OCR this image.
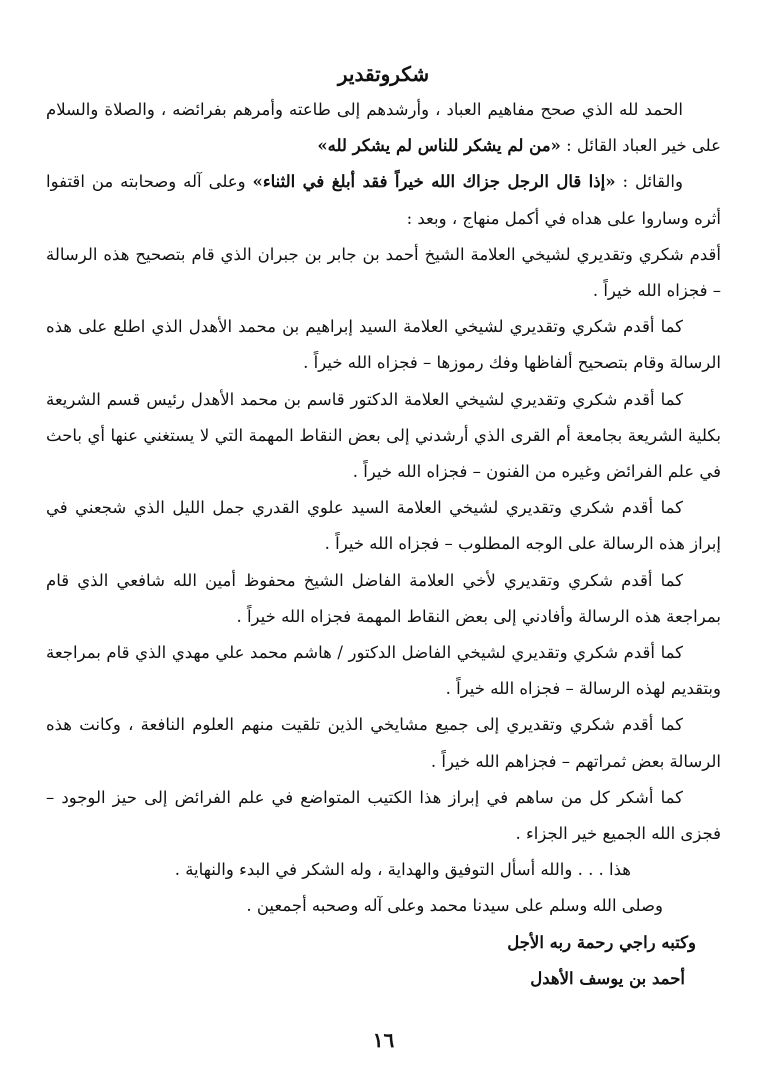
شكروتقدير

الحمد لله الذي صحح مفاهيم العباد ، وأرشدهم إلى طاعته وأمرهم بفرائضه ، والصلاة والسلام على خير العباد القائل : «من لم يشكر للناس لم يشكر لله»

والقائل : «إذا قال الرجل جزاك الله خيراً فقد أبلغ في الثناء» وعلى آله وصحابته من اقتفوا أثره وساروا على هداه في أكمل منهاج ، وبعد :

أقدم شكري وتقديري لشيخي العلامة الشيخ أحمد بن جابر بن جبران الذي قام بتصحيح هذه الرسالة – فجزاه الله خيراً .

كما أقدم شكري وتقديري لشيخي العلامة السيد إبراهيم بن محمد الأهدل الذي اطلع على هذه الرسالة وقام بتصحيح ألفاظها وفك رموزها – فجزاه الله خيراً .

كما أقدم شكري وتقديري لشيخي العلامة الدكتور قاسم بن محمد الأهدل رئيس قسم الشريعة بكلية الشريعة بجامعة أم القرى الذي أرشدني إلى بعض النقاط المهمة التي لا يستغني عنها أي باحث في علم الفرائض وغيره من الفنون – فجزاه الله خيراً .

كما أقدم شكري وتقديري لشيخي العلامة السيد علوي القدري جمل الليل الذي شجعني في إبراز هذه الرسالة على الوجه المطلوب – فجزاه الله خيراً .

كما أقدم شكري وتقديري لأخي العلامة الفاضل الشيخ محفوظ أمين الله شافعي الذي قام بمراجعة هذه الرسالة وأفادني إلى بعض النقاط المهمة فجزاه الله خيراً .

كما أقدم شكري وتقديري لشيخي الفاضل الدكتور / هاشم محمد علي مهدي الذي قام بمراجعة وبتقديم لهذه الرسالة – فجزاه الله خيراً .

كما أقدم شكري وتقديري إلى جميع مشايخي الذين تلقيت منهم العلوم النافعة ، وكانت هذه الرسالة بعض ثمراتهم – فجزاهم الله خيراً .

كما أشكر كل من ساهم في إبراز هذا الكتيب المتواضع في علم الفرائض إلى حيز الوجود – فجزى الله الجميع خير الجزاء .

هذا . . . والله أسأل التوفيق والهداية ، وله الشكر في البدء والنهاية .

وصلى الله وسلم على سيدنا محمد وعلى آله وصحبه أجمعين .

وكتبه راجي رحمة ربه الأجل

أحمد بن يوسف الأهدل

١٦
